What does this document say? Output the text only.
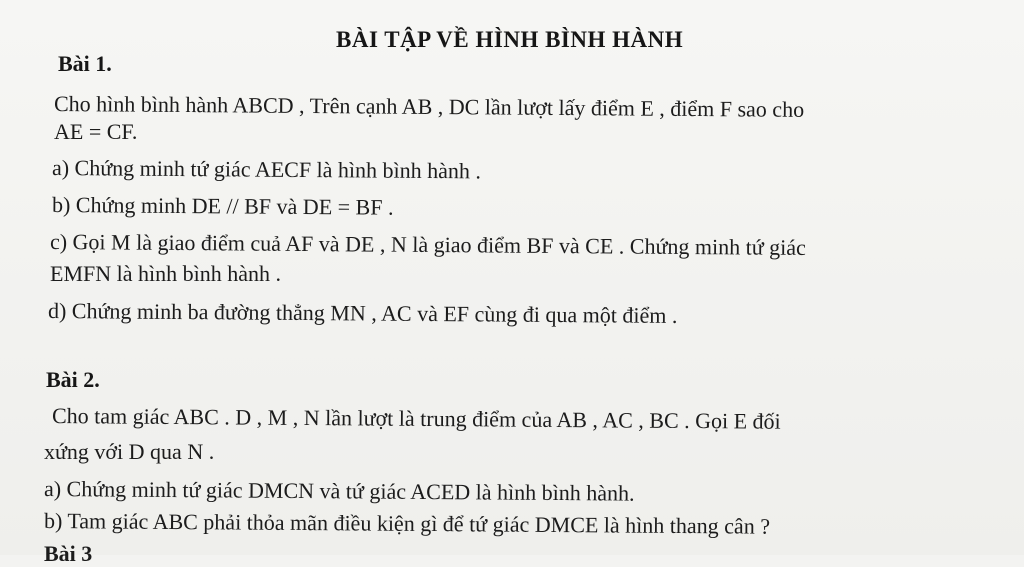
BÀI TẬP VỀ HÌNH BÌNH HÀNH
Bài 1.
Cho hình bình hành ABCD , Trên cạnh AB , DC lần lượt lấy điểm E , điểm F sao cho
AE = CF.
a) Chứng minh tứ giác AECF là hình bình hành .
b) Chứng minh DE // BF và DE = BF .
c) Gọi M là giao điểm cuả AF và DE , N là giao điểm BF và CE . Chứng minh tứ giác
EMFN là hình bình hành .
d) Chứng minh ba đường thẳng MN , AC và EF cùng đi qua một điểm .
Bài 2.
Cho tam giác ABC . D , M , N lần lượt là trung điểm của AB , AC , BC . Gọi E đối
xứng với D qua N .
a) Chứng minh tứ giác DMCN và tứ giác ACED là hình bình hành.
b) Tam giác ABC phải thỏa mãn điều kiện gì để tứ giác DMCE là hình thang cân ?
Bài 3
